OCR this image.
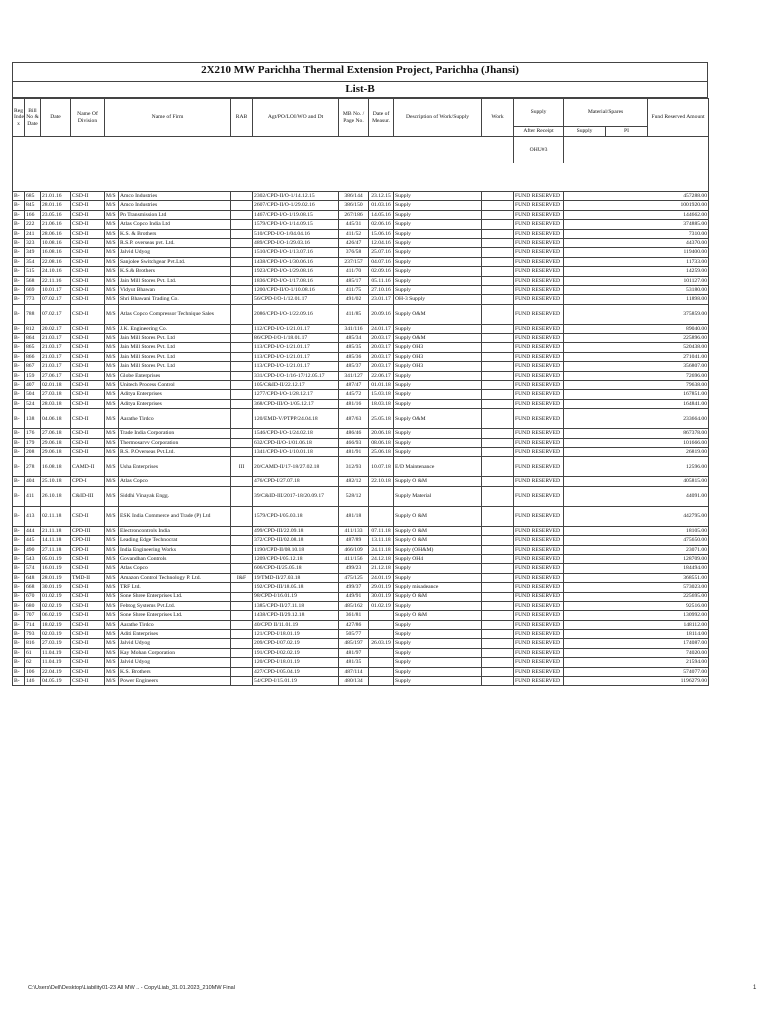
2X210 MW Parichha Thermal Extension Project, Parichha (Jhansi)
List-B
Reg Inde x	Bill No & Date	Date	Name Of Division	Name of Firm		RAB	Agt/PO/LOI/WO and Dt	MB No. / Page No.	Date of Measur.	Description of Work/Supply	Work	Supply	Material/Spares		Fund Reserved Amount
												After Receipt	Supply	PI	
												OHU#3			

B-	685	21.01.16	CSD-II	M/S	Amco Industries		2302/CPD-II/O-1/14.12.15	386/144	23.12.15	Supply		FUND RESERVED	457288.00		
B-	845	28.01.16	CSD-II	M/S	Amco Industries		2607/CPD-II/O-1/29.02.16	386/150	01.03.16	Supply		FUND RESERVED	1001920.00		
B-	166	23.05.16	CSD-II	M/S	Pn Transmission Ltd		1467/CPD-I/O-1/19.08.15	267/186	14.05.16	Supply		FUND RESERVED	144662.00		
B-	222	21.06.16	CSD-II	M/S	Atlas Copco India Ltd		1579/CPD-I/O-1/14.09.15	445/31	02.06.16	Supply		FUND RESERVED	374885.00		
B-	241	28.06.16	CSD-II	M/S	K.S. & Brothers		510/CPD-I/O-1/04.04.16	411/52	15.06.16	Supply		FUND RESERVED	7310.00		
B-	323	10.08.16	CSD-II	M/S	R.S.P. overseas pvt. Ltd.		489/CPD-I/O-1/29.03.16	426/47	12.04.16	Supply		FUND RESERVED	44370.00		
B-	349	16.08.16	CSD-II	M/S	Jalvid Udyog		1510/CPD-I/O-1/13.07.16	376/58	25.07.16	Supply		FUND RESERVED	119400.00		
B-	354	22.08.16	CSD-II	M/S	Sanjolee Switchgear Pvt.Ltd.		1438/CPD-I/O-1/30.06.16	237/157	04.07.16	Supply		FUND RESERVED	11733.00		
B-	515	24.10.16	CSD-II	M/S	K.S.& Brothers		1923/CPD-I/O-1/29.08.16	411/70	02.09.16	Supply		FUND RESERVED	14259.00		
B-	568	22.11.16	CSD-II	M/S	Jain Mill Stores Pvt. Ltd.		1836/CPD-I/O-1/17.08.16	485/17	05.11.16	Supply		FUND RESERVED	101127.00		
B-	669	10.01.17	CSD-II	M/S	Vidyut Bhawan		1200/CPD-II/O-1/10.08.16	411/75	27.10.16	Supply		FUND RESERVED	53180.00		
B-	773	07.02.17	CSD-II	M/S	Shri Bhawani Trading Co.		56/CPD-I/O-1/12.01.17	491/02	23.01.17	OH-3 Supply		FUND RESERVED	11898.00		
B-	788	07.02.17	CSD-II	M/S	Atlas Copco Compressor Technique Sales		2086/CPD-I/O-1/22.09.16	411/85	20.09.16	Supply O&M		FUND RESERVED	375859.00		
B-	812	20.02.17	CSD-II	M/S	J.K. Engineering Co.		112/CPD-I/O-1/21.01.17	341/116	24.01.17	Supply		FUND RESERVED	89040.00		
B-	864	21.03.17	CSD-II	M/S	Jain Mill Stores Pvt. Ltd		86/CPD-I/O-1/18.01.17	485/34	20.03.17	Supply O&M		FUND RESERVED	225896.00		
B-	865	21.03.17	CSD-II	M/S	Jain Mill Stores Pvt. Ltd		113/CPD-I/O-1/21.01.17	485/35	20.03.17	Supply OH3		FUND RESERVED	520438.00		
B-	866	21.03.17	CSD-II	M/S	Jain Mill Stores Pvt. Ltd		113/CPD-I/O-1/21.01.17	485/36	20.03.17	Supply OH3		FUND RESERVED	271041.00		
B-	867	21.03.17	CSD-II	M/S	Jain Mill Stores Pvt. Ltd		113/CPD-I/O-1/21.01.17	485/37	20.03.17	Supply OH3		FUND RESERVED	356807.00		
B-	159	27.06.17	CSD-II	M/S	Globe Enterprises		331/CPD-I/O-1/16-17/12.05.17	341/127	22.06.17	Supply		FUND RESERVED	72696.00		
B-	407	02.01.18	CSD-II	M/S	Unitech Process Control		105/C&ID-II/22.12.17	487/47	01.01.18	Supply		FUND RESERVED	79638.00		
B-	504	27.03.18	CSD-II	M/S	Aditya Enterprises		1277/CPD-I/O-1/28.12.17	445/72	15.03.18	Supply		FUND RESERVED	167851.00		
B-	524	28.03.18	CSD-II	M/S	Aditya Enterprises		368/CPD-III/O-1/05.12.17	481/16	18.03.18	Supply		FUND RESERVED	164841.00		
B-	138	04.06.18	CSD-II	M/S	Aarathe Tirdco		120/EMD-V/PTPP/24.04.18	487/63	25.05.18	Supply O&M		FUND RESERVED	233664.00		
B-	176	27.06.18	CSD-II	M/S	Trade India Corporation		1546/CPD-I/O-1/24.02.18	486/46	20.06.18	Supply		FUND RESERVED	867378.00		
B-	179	29.06.18	CSD-II	M/S	Thermosarvv Corporation		632/CPD-II/O-1/01.06.18	466/93	08.06.18	Supply		FUND RESERVED	101666.00		
B-	208	29.06.18	CSD-II	M/S	R.S. P.Overseas Pvt.Ltd.		1341/CPD-I/O-1/10.01.18	481/91	25.06.18	Supply		FUND RESERVED	26819.00		
B-	278	16.08.18	CAMD-II	M/S	Usha Enterprises	III	20/CAMD-II/17-18/27.02.18	312/93	10.07.18	E/D Maintenance		FUND RESERVED	12596.00		
B-	404	25.10.18	CPD-I	M/S	Atlas Copco		476/CPD-I/27.07.18	482/12	22.10.18	Supply O &M		FUND RESERVED	405815.00		
B-	411	26.10.18	C&ID-III	M/S	Siddhi Vinayak Engg.		39/C&ID-III/2017-18/20.09.17	528/12		Supply Material		FUND RESERVED	44091.00		
B-	413	02.11.18	CSD-II	M/S	ESK India Commerce and Trade (P) Ltd		1579/CPD-I/05.03.18	481/18		Supply O &M		FUND RESERVED	442795.00		
B-	444	21.11.18	CPD-III	M/S	Electroncontrols India		499/CPD-III/22.09.18	411/133	07.11.18	Supply O &M		FUND RESERVED	18105.00		
B-	445	14.11.18	CPD-III	M/S	Leading Edge Technocrat		372/CPD-III/02.08.18	487/89	13.11.18	Supply O &M		FUND RESERVED	475650.00		
B-	490	27.11.18	CPD-II	M/S	India Engineering Works		1190/CPD-II/08.10.18	466/109	24.11.18	Supply (OH&M)		FUND RESERVED	23071.00		
B-	543	05.01.19	CSD-II	M/S	Govandhan Controls		1209/CPD-I/05.12.18	411/156	24.12.18	Supply OH4		FUND RESERVED	128709.00		
B-	574	16.01.19	CSD-II	M/S	Atlas Copco		606/CPD-II/25.05.18	499/23	21.12.18	Supply		FUND RESERVED	184494.00		
B-	648	28.01.19	TMD-II	M/S	Amazon Control Technology P. Ltd.	I&F	19/TMD-II/27.03.18	475/125	24.01.19	Supply		FUND RESERVED	368551.00		
B-	668	30.01.19	CSD-II	M/S	TRF Ltd.		192/CPD-III/18.05.18	499/37	29.01.19	Supply misadeance		FUND RESERVED	573023.00		
B-	670	01.02.19	CSD-II	M/S	Sone Shree Enterprises Ltd.		98/CPD-I/16.01.19	449/91	30.01.19	Supply O &M		FUND RESERVED	225695.00		
B-	680	02.02.19	CSD-II	M/S	Febtog Systems Pvt.Ltd.		1385/CPD-II/27.11.18	485/162	01.02.19	Supply		FUND RESERVED	92516.00		
B-	707	06.02.19	CSD-II	M/S	Sone Shree Enterprises Ltd.		1438/CPD-II/29.12.18	361/81		Supply O &M		FUND RESERVED	130992.00		
B-	714	18.02.19	CSD-II	M/S	Aarathe Tirdco		40/CPD II/11.01.19	427/86		Supply		FUND RESERVED	148112.00		
B-	793	02.03.19	CSD-II	M/S	Aditi Enterprises		121/CPD-I/18.01.19	505/77		Supply		FUND RESERVED	18114.00		
B-	816	27.03.19	CSD-II	M/S	Jalvid Udyog		209/CPD-I/07.02.19	485/197	26.03.19	Supply		FUND RESERVED	174087.00		
B-	61	11.04.19	CSD-II	M/S	Kay Mohan Corporation		191/CPD-I/02.02.19	481/97		Supply		FUND RESERVED	74020.00		
B-	62	11.04.19	CSD-II	M/S	Jalvid Udyog		120/CPD-I/18.01.19	481/35		Supply		FUND RESERVED	21594.00		
B-	106	22.04.19	CSD-II	M/S	K.S. Brothers		427/CPD-I/05.04.19	487/114		Supply		FUND RESERVED	574077.00		
B-	146	04.05.19	CSD-II	M/S	Power Engineers		54/CPD-I/15.01.19	480/134		Supply		FUND RESERVED	1196279.00		
C:\Users\Dell\Desktop\Liability01-23 All MW .. - Copy\Liab_31.01.2023_210MW Final	1
